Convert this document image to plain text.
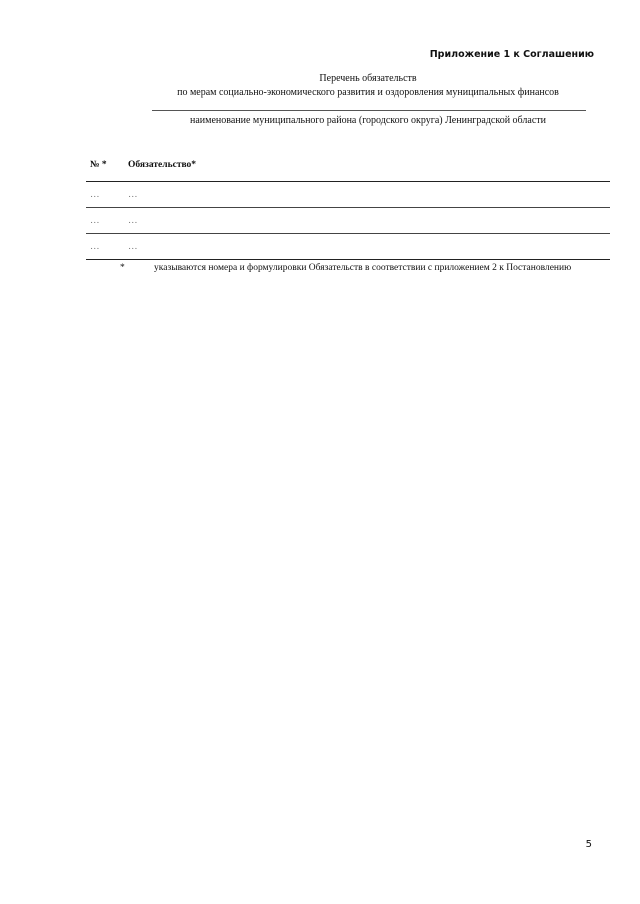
Приложение 1 к Соглашению
Перечень обязательств
по мерам социально-экономического развития и оздоровления муниципальных финансов
наименование муниципального района (городского округа) Ленинградской области
№ *	Обязательство*
…	…
…	…
…	…
*	указываются номера и формулировки Обязательств в соответствии с приложением 2 к Постановлению
5
